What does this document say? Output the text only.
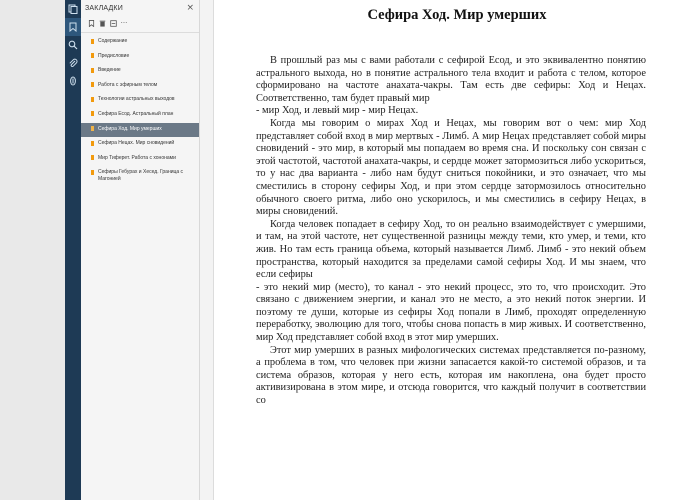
ЗАКЛАДКИ	×
···
Содержание
Предисловие
Введение
Работа с эфирным телом
Технологии астральных выходов
Сефира Есод. Астральный план
Сефира Ход. Мир умерших
Сефира Нецах. Мир сновидений
Мир Тиферет. Работа с хононами
Сефиры Гебурах и Хесед. Граница с Магонией
Сефира Ход. Мир умерших

В прошлый раз мы с вами работали с сефирой Есод, и это эквивалентно понятию астрального выхода, но в понятие астрального тела входит и работа с телом, которое сформировано на частоте анахата-чакры. Там есть две сефиры: Ход и Нецах. Соответственно, там будет правый мир

- мир Ход, и левый мир - мир Нецах.

Когда мы говорим о мирах Ход и Нецах, мы говорим вот о чем: мир Ход представляет собой вход в мир мертвых - Лимб. А мир Нецах представляет собой миры сновидений - это мир, в который мы попадаем во время сна. И поскольку сон связан с этой частотой, частотой анахата-чакры, и сердце может затормозиться либо ускориться, то у нас два варианта - либо нам будут сниться покойники, и это означает, что мы сместились в сторону сефиры Ход, и при этом сердце затормозилось относительно обычного своего ритма, либо оно ускорилось, и мы сместились в сефиру Нецах, в миры сновидений.

Когда человек попадает в сефиру Ход, то он реально взаимодействует с умершими, и там, на этой частоте, нет существенной разницы между теми, кто умер, и теми, кто жив. Но там есть граница объема, который называется Лимб. Лимб - это некий объем пространства, который находится за пределами самой сефиры Ход. И мы знаем, что если сефиры

- это некий мир (место), то канал - это некий процесс, это то, что происходит. Это связано с движением энергии, и канал это не место, а это некий поток энергии. И поэтому те души, которые из сефиры Ход попали в Лимб, проходят определенную переработку, эволюцию для того, чтобы снова попасть в мир живых. И соответственно, мир Ход представляет собой вход в этот мир умерших.

Этот мир умерших в разных мифологических системах представляется по-разному, а проблема в том, что человек при жизни запасается какой-то системой образов, и та система образов, которая у него есть, которая им накоплена, она будет просто активизирована в этом мире, и отсюда говорится, что каждый получит в соответствии со
